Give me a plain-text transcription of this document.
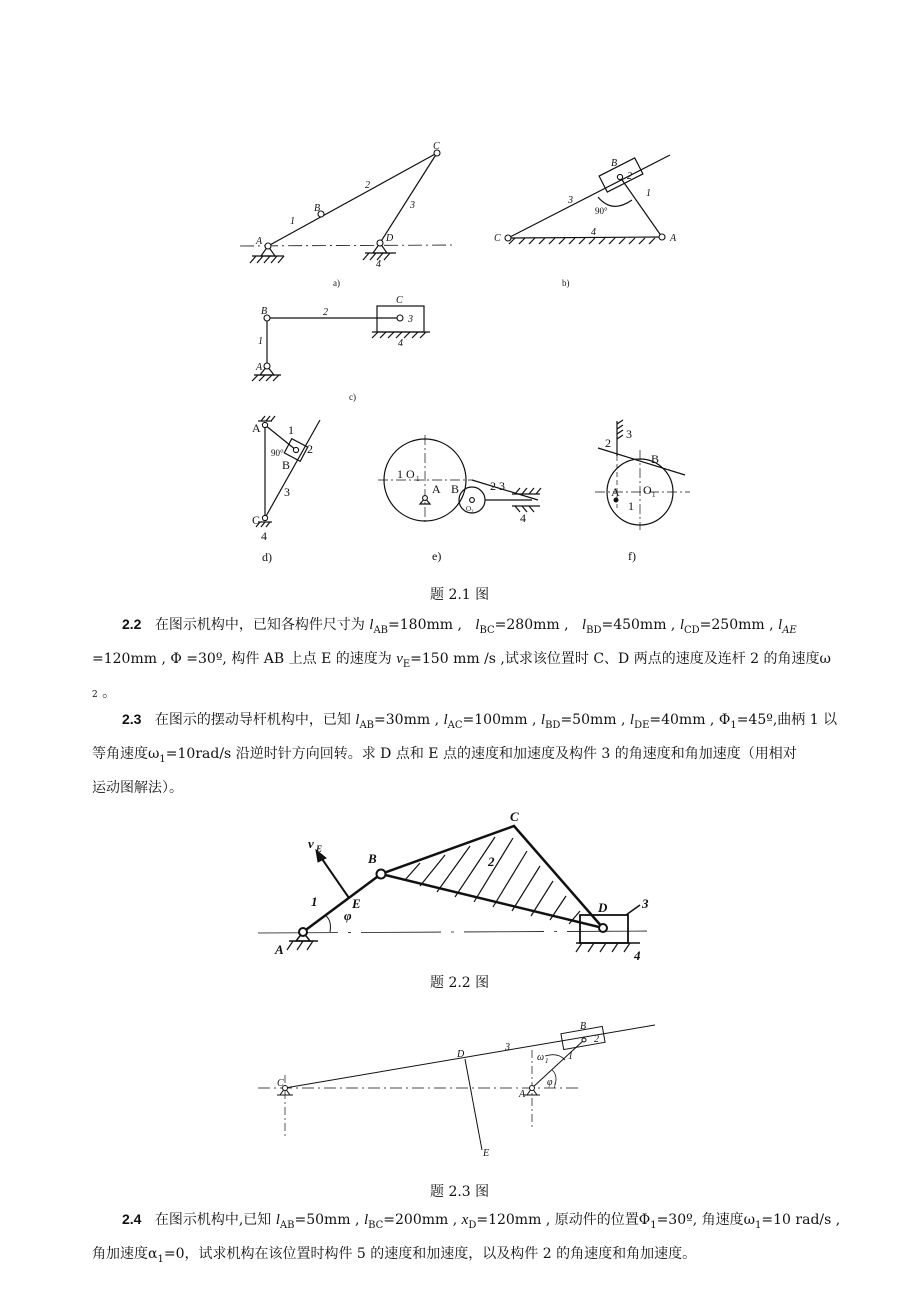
C
B
A	D
1
2
3
4
a)
B
2
3
1
90°
C	A
4
b)
B	2
C
3
4
1
A
c)
A 1
2
B
3
C
4
d)
90°
1 O 1
A B	2 3
4
e)
O 2
3
2
B
A O 1
1
f)
题 2.1 图

2.2 在图示机构中，已知各构件尺寸为 $l_{AB}=180mm$ , $l_{BC}=280mm$ , $l_{BD}=450mm$ , $l_{CD}=250mm$ , $l_{AE}$

=120mm , Φ =30º, 构件 AB 上点 E 的速度为 $v_E=150$ mm /s ,试求该位置时 C、D 两点的速度及连杆 2 的角速度ω

2 。

2.3 在图示的摆动导杆机构中，已知 $l_{AB}=30mm$ , $l_{AC}=100mm$ , $l_{BD}=50mm$ , $l_{DE}=40mm$ , $\Phi_1=45º$,曲柄 1 以

等角速度$\omega_1=10rad/s$ 沿逆时针方向回转。求 D 点和 E 点的速度和加速度及构件 3 的角速度和角加速度（用相对

运动图解法）。

A
B
C
D
E
v E
φ
1
2
3
4
题 2.2 图
C
D
3
B
2
1
ω 1
φ 1
A
E
题 2.3 图

2.4 在图示机构中,已知 $l_{AB}=50mm$ , $l_{BC}=200mm$ , $x_D=120mm$ , 原动件的位置$\Phi_1=30º$, 角速度$\omega_1=10$ rad/s ,

角加速度$\alpha_1=0$，试求机构在该位置时构件 5 的速度和加速度，以及构件 2 的角速度和角加速度。
